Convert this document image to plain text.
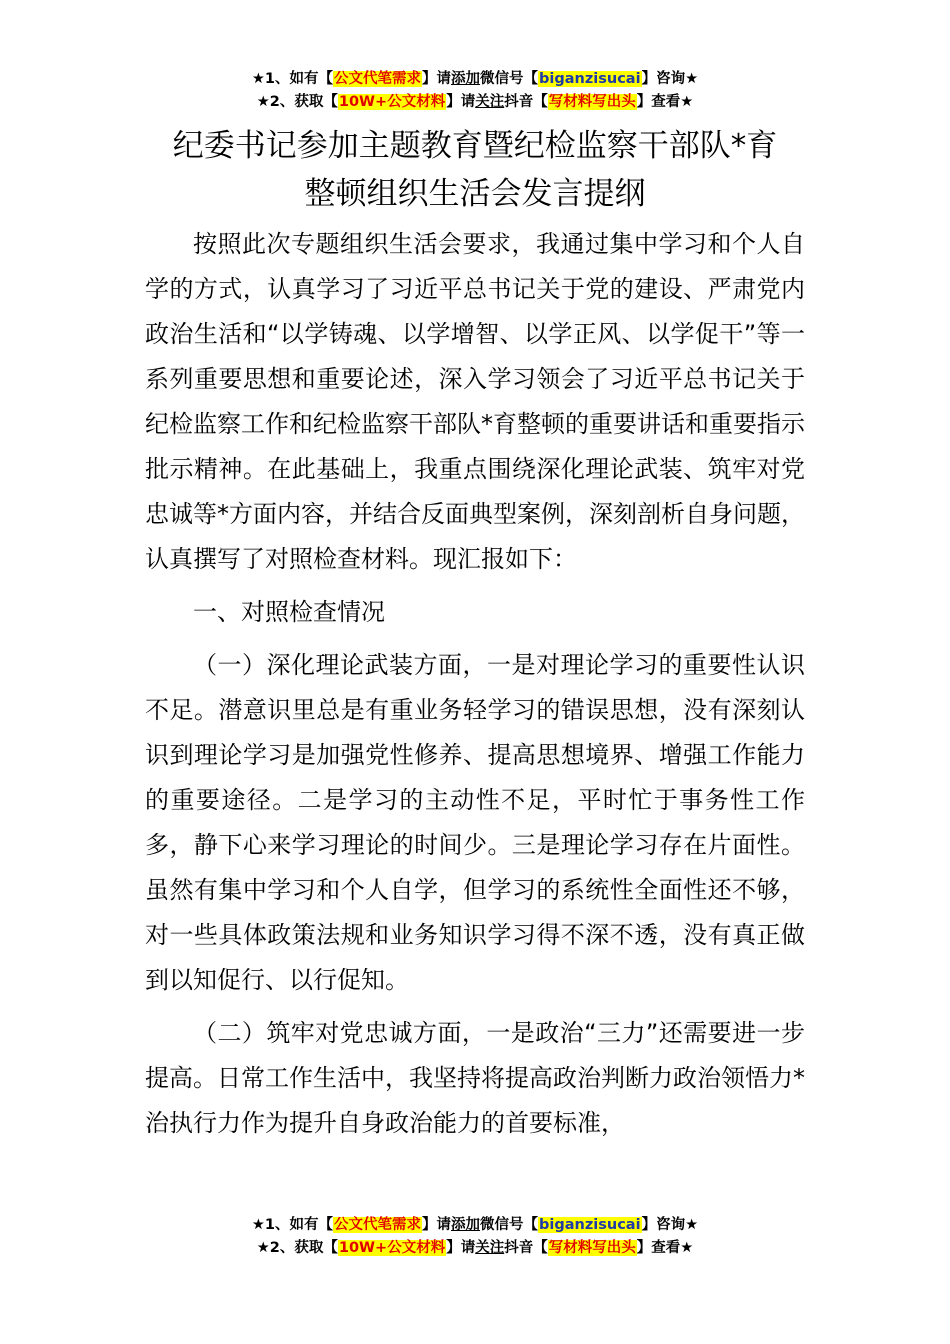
★1、如有【公文代笔需求】请添加微信号【biganzisucai】咨询★
★2、获取【10W+公文材料】请关注抖音【写材料写出头】查看★
纪委书记参加主题教育暨纪检监察干部队*育
整顿组织生活会发言提纲

按照此次专题组织生活会要求，我通过集中学习和个人自学的方式，认真学习了习近平总书记关于党的建设、严肃党内政治生活和“以学铸魂、以学增智、以学正风、以学促干”等一系列重要思想和重要论述，深入学习领会了习近平总书记关于纪检监察工作和纪检监察干部队*育整顿的重要讲话和重要指示批示精神。在此基础上，我重点围绕深化理论武装、筑牢对党忠诚等*方面内容，并结合反面典型案例，深刻剖析自身问题，认真撰写了对照检查材料。现汇报如下：

一、对照检查情况

（一）深化理论武装方面，一是对理论学习的重要性认识不足。潜意识里总是有重业务轻学习的错误思想，没有深刻认识到理论学习是加强党性修养、提高思想境界、增强工作能力的重要途径。二是学习的主动性不足，平时忙于事务性工作多，静下心来学习理论的时间少。三是理论学习存在片面性。虽然有集中学习和个人自学，但学习的系统性全面性还不够，对一些具体政策法规和业务知识学习得不深不透，没有真正做到以知促行、以行促知。

（二）筑牢对党忠诚方面，一是政治“三力”还需要进一步提高。日常工作生活中，我坚持将提高政治判断力政治领悟力*治执行力作为提升自身政治能力的首要标准，

★1、如有【公文代笔需求】请添加微信号【biganzisucai】咨询★
★2、获取【10W+公文材料】请关注抖音【写材料写出头】查看★
